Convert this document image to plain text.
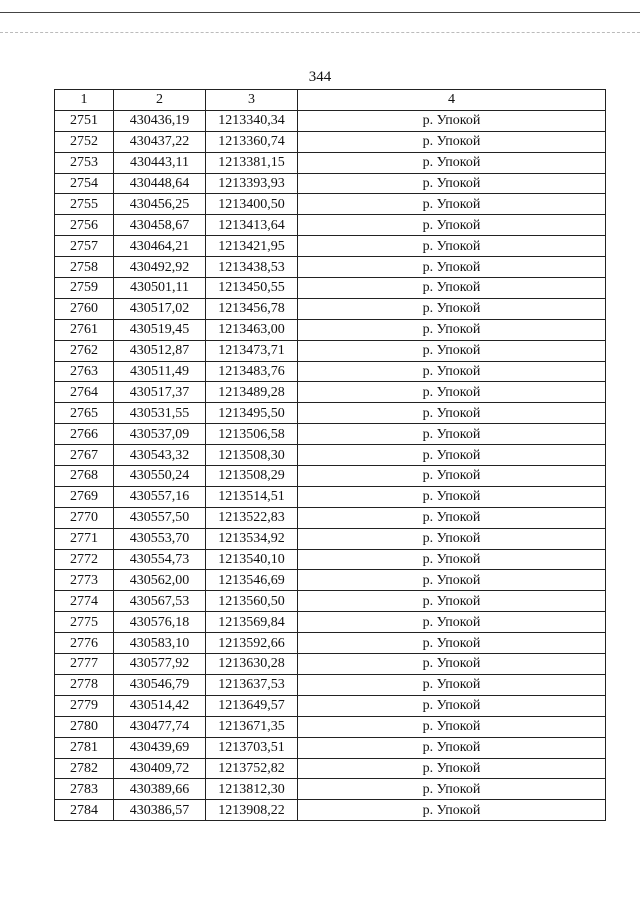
344
1	2	3	4
2751	430436,19	1213340,34	р. Упокой
2752	430437,22	1213360,74	р. Упокой
2753	430443,11	1213381,15	р. Упокой
2754	430448,64	1213393,93	р. Упокой
2755	430456,25	1213400,50	р. Упокой
2756	430458,67	1213413,64	р. Упокой
2757	430464,21	1213421,95	р. Упокой
2758	430492,92	1213438,53	р. Упокой
2759	430501,11	1213450,55	р. Упокой
2760	430517,02	1213456,78	р. Упокой
2761	430519,45	1213463,00	р. Упокой
2762	430512,87	1213473,71	р. Упокой
2763	430511,49	1213483,76	р. Упокой
2764	430517,37	1213489,28	р. Упокой
2765	430531,55	1213495,50	р. Упокой
2766	430537,09	1213506,58	р. Упокой
2767	430543,32	1213508,30	р. Упокой
2768	430550,24	1213508,29	р. Упокой
2769	430557,16	1213514,51	р. Упокой
2770	430557,50	1213522,83	р. Упокой
2771	430553,70	1213534,92	р. Упокой
2772	430554,73	1213540,10	р. Упокой
2773	430562,00	1213546,69	р. Упокой
2774	430567,53	1213560,50	р. Упокой
2775	430576,18	1213569,84	р. Упокой
2776	430583,10	1213592,66	р. Упокой
2777	430577,92	1213630,28	р. Упокой
2778	430546,79	1213637,53	р. Упокой
2779	430514,42	1213649,57	р. Упокой
2780	430477,74	1213671,35	р. Упокой
2781	430439,69	1213703,51	р. Упокой
2782	430409,72	1213752,82	р. Упокой
2783	430389,66	1213812,30	р. Упокой
2784	430386,57	1213908,22	р. Упокой
